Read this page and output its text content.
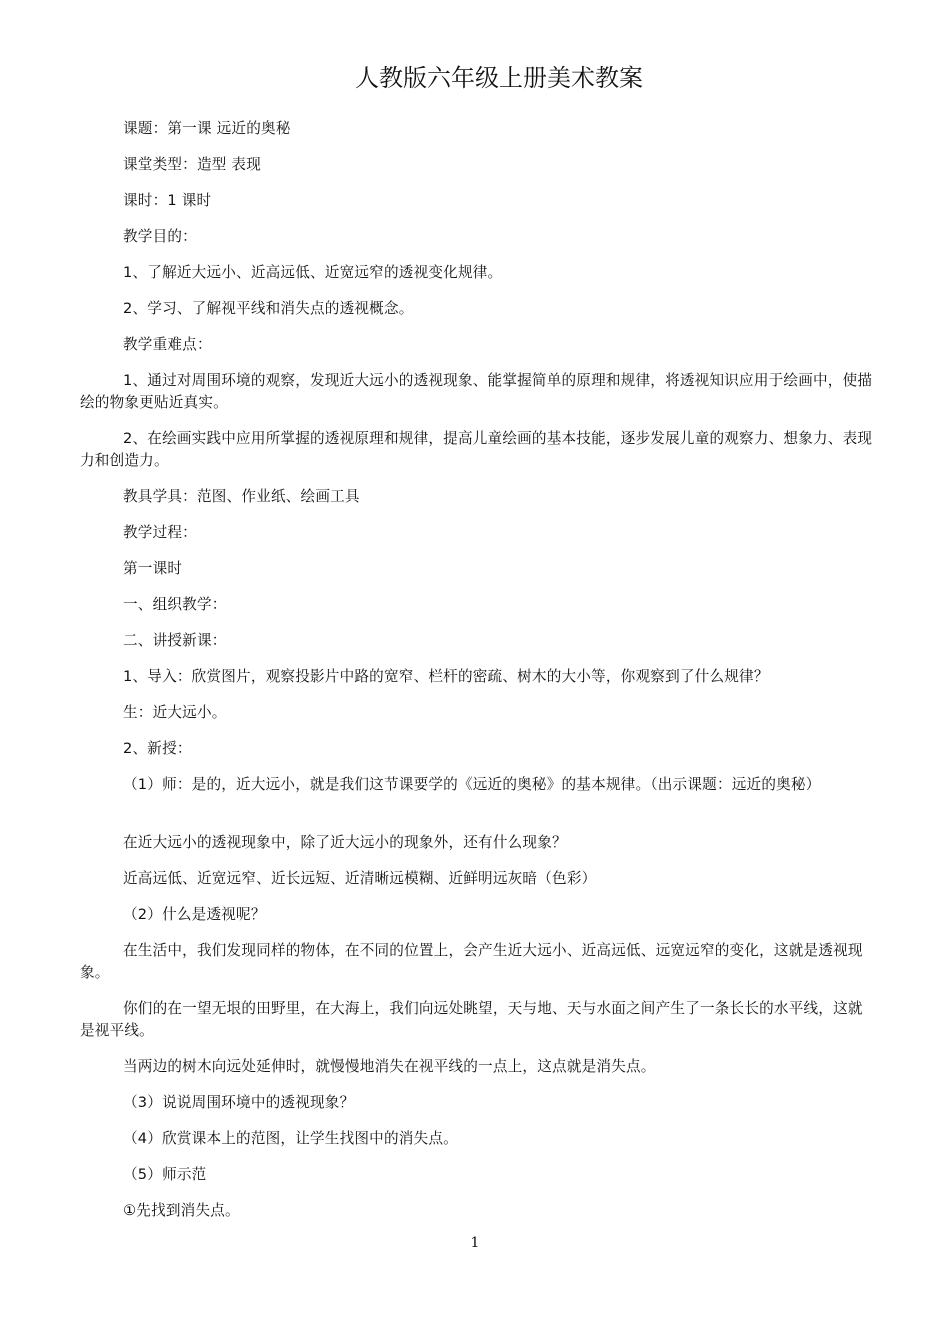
人教版六年级上册美术教案

课题：第一课 远近的奥秘

课堂类型：造型 表现

课时：1 课时

教学目的：

1、了解近大远小、近高远低、近宽远窄的透视变化规律。

2、学习、了解视平线和消失点的透视概念。

教学重难点：

1、通过对周围环境的观察，发现近大远小的透视现象、能掌握简单的原理和规律，将透视知识应用于绘画中，使描绘的物象更贴近真实。

2、在绘画实践中应用所掌握的透视原理和规律，提高儿童绘画的基本技能，逐步发展儿童的观察力、想象力、表现力和创造力。

教具学具：范图、作业纸、绘画工具

教学过程：

第一课时

一、组织教学：

二、讲授新课：

1、导入：欣赏图片，观察投影片中路的宽窄、栏杆的密疏、树木的大小等，你观察到了什么规律？

生：近大远小。

2、新授：

（1）师：是的，近大远小，就是我们这节课要学的《远近的奥秘》的基本规律。（出示课题：远近的奥秘）

在近大远小的透视现象中，除了近大远小的现象外，还有什么现象？

近高远低、近宽远窄、近长远短、近清晰远模糊、近鲜明远灰暗（色彩）

（2）什么是透视呢？

在生活中，我们发现同样的物体，在不同的位置上，会产生近大远小、近高远低、远宽远窄的变化，这就是透视现象。

你们的在一望无垠的田野里，在大海上，我们向远处眺望，天与地、天与水面之间产生了一条长长的水平线，这就是视平线。

当两边的树木向远处延伸时，就慢慢地消失在视平线的一点上，这点就是消失点。

（3）说说周围环境中的透视现象？

（4）欣赏课本上的范图，让学生找图中的消失点。

（5）师示范

①先找到消失点。

1
